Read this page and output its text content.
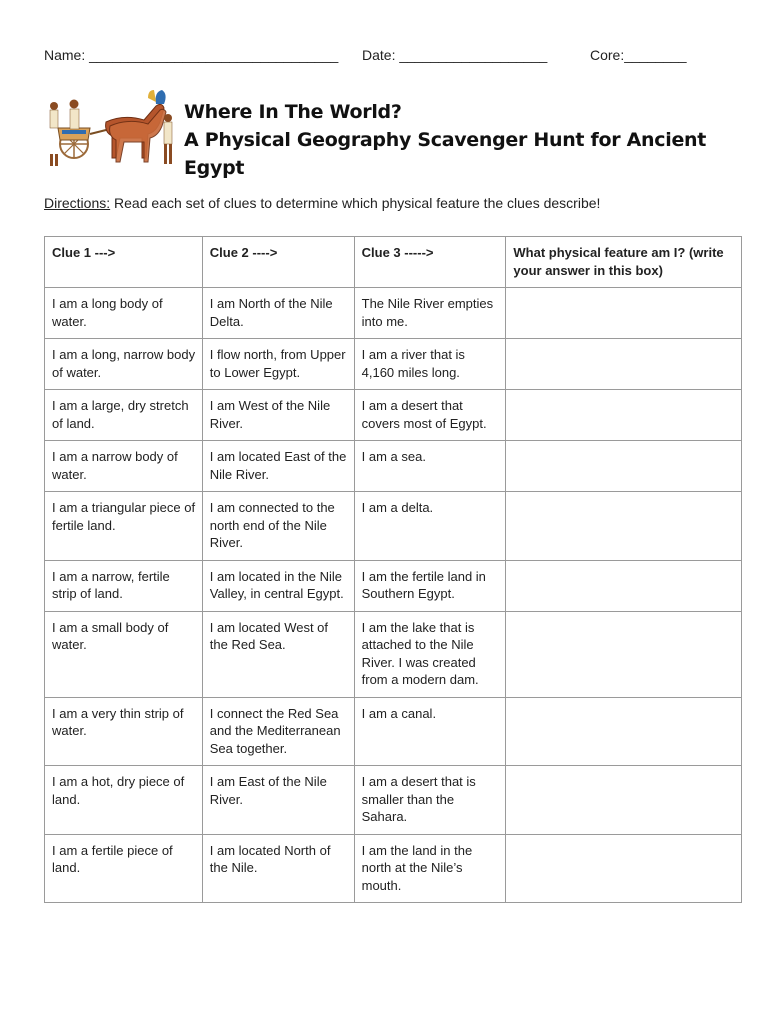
Name: ________________________________ Date: ___________________	Core:________
Where In The World?
A Physical Geography Scavenger Hunt for Ancient Egypt
Directions: Read each set of clues to determine which physical feature the clues describe!
Clue 1 --->	Clue 2 ---->	Clue 3 ----->	What physical feature am I? (write your answer in this box)
I am a long body of water.	I am North of the Nile Delta.	The Nile River empties into me.	
I am a long, narrow body of water.	I flow north, from Upper to Lower Egypt.	I am a river that is 4,160 miles long.	
I am a large, dry stretch of land.	I am West of the Nile River.	I am a desert that covers most of Egypt.	
I am a narrow body of water.	I am located East of the Nile River.	I am a sea.	
I am a triangular piece of fertile land.	I am connected to the north end of the Nile River.	I am a delta.	
I am a narrow, fertile strip of land.	I am located in the Nile Valley, in central Egypt.	I am the fertile land in Southern Egypt.	
I am a small body of water.	I am located West of the Red Sea.	I am the lake that is attached to the Nile River. I was created from a modern dam.	
I am a very thin strip of water.	I connect the Red Sea and the Mediterranean Sea together.	I am a canal.	
I am a hot, dry piece of land.	I am East of the Nile River.	I am a desert that is smaller than the Sahara.	
I am a fertile piece of land.	I am located North of the Nile.	I am the land in the north at the Nile’s mouth.	
